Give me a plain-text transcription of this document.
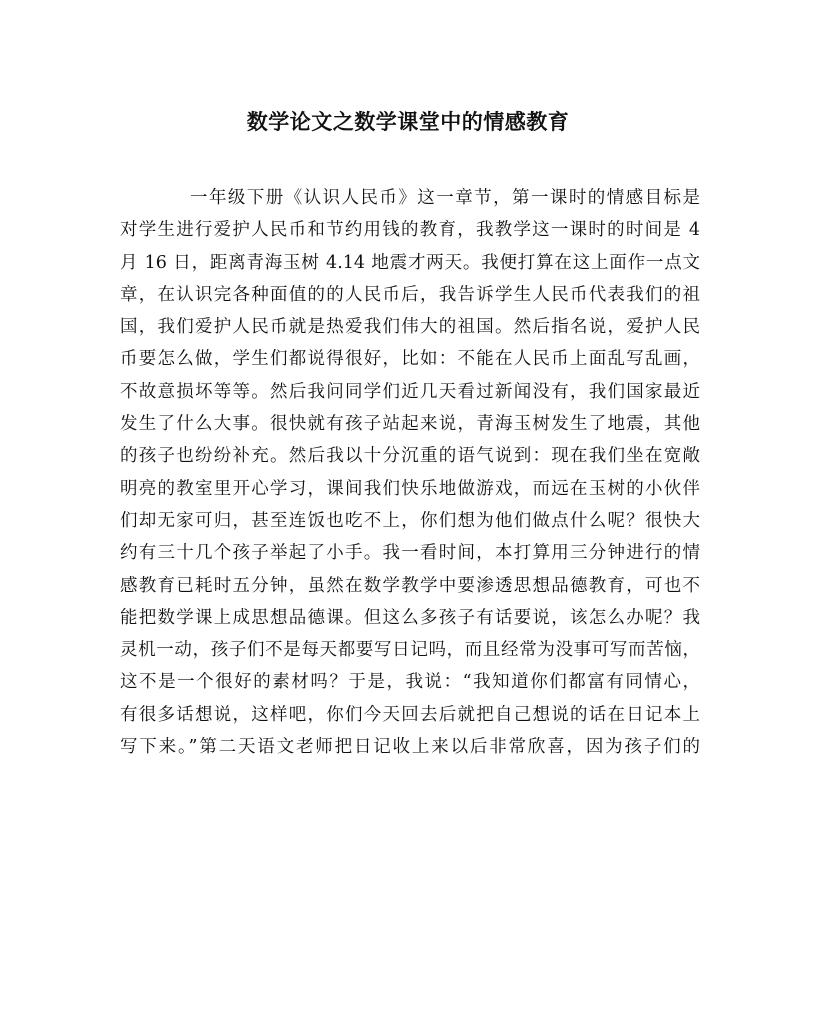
数学论文之数学课堂中的情感教育
一年级下册《认识人民币》这一章节，第一课时的情感目标是
对学生进行爱护人民币和节约用钱的教育，我教学这一课时的时间是 4
月 16 日，距离青海玉树 4.14 地震才两天。我便打算在这上面作一点文
章，在认识完各种面值的的人民币后，我告诉学生人民币代表我们的祖
国，我们爱护人民币就是热爱我们伟大的祖国。然后指名说，爱护人民
币要怎么做，学生们都说得很好，比如：不能在人民币上面乱写乱画，
不故意损坏等等。然后我问同学们近几天看过新闻没有，我们国家最近
发生了什么大事。很快就有孩子站起来说，青海玉树发生了地震，其他
的孩子也纷纷补充。然后我以十分沉重的语气说到：现在我们坐在宽敞
明亮的教室里开心学习，课间我们快乐地做游戏，而远在玉树的小伙伴
们却无家可归，甚至连饭也吃不上，你们想为他们做点什么呢？很快大
约有三十几个孩子举起了小手。我一看时间，本打算用三分钟进行的情
感教育已耗时五分钟，虽然在数学教学中要渗透思想品德教育，可也不
能把数学课上成思想品德课。但这么多孩子有话要说，该怎么办呢？我
灵机一动，孩子们不是每天都要写日记吗，而且经常为没事可写而苦恼，
这不是一个很好的素材吗？于是，我说：“我知道你们都富有同情心，
有很多话想说，这样吧，你们今天回去后就把自己想说的话在日记本上
写下来。”第二天语文老师把日记收上来以后非常欣喜，因为孩子们的
